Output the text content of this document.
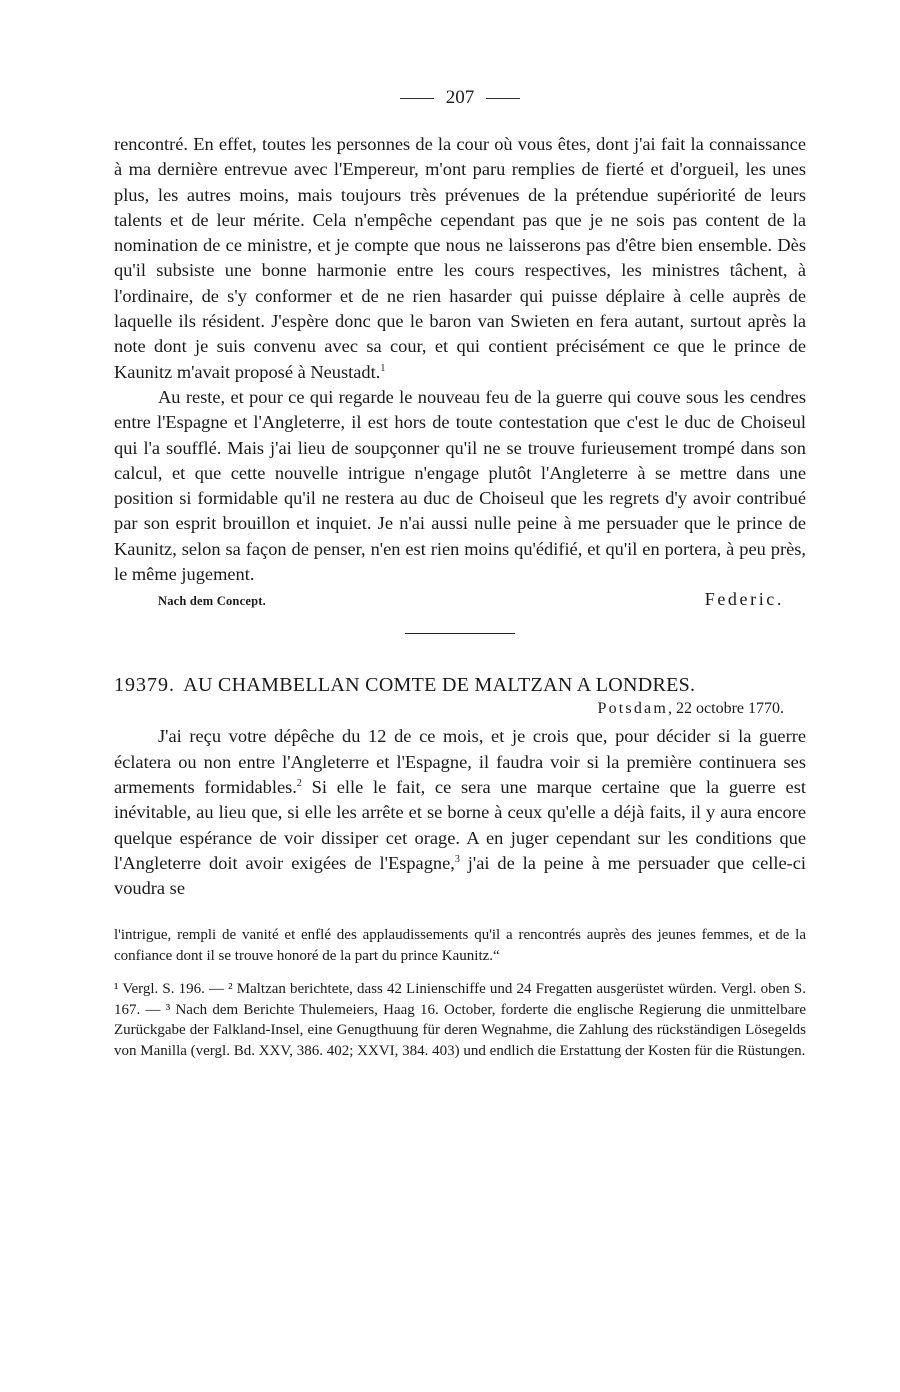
207

rencontré. En effet, toutes les personnes de la cour où vous êtes, dont j'ai fait la connaissance à ma dernière entrevue avec l'Empereur, m'ont paru remplies de fierté et d'orgueil, les unes plus, les autres moins, mais toujours très prévenues de la prétendue supériorité de leurs talents et de leur mérite. Cela n'empêche cependant pas que je ne sois pas content de la nomination de ce ministre, et je compte que nous ne laisserons pas d'être bien ensemble. Dès qu'il subsiste une bonne harmonie entre les cours respectives, les ministres tâchent, à l'ordinaire, de s'y conformer et de ne rien hasarder qui puisse déplaire à celle auprès de laquelle ils résident. J'espère donc que le baron van Swieten en fera autant, surtout après la note dont je suis convenu avec sa cour, et qui contient précisément ce que le prince de Kaunitz m'avait proposé à Neustadt.$^1$

Au reste, et pour ce qui regarde le nouveau feu de la guerre qui couve sous les cendres entre l'Espagne et l'Angleterre, il est hors de toute contestation que c'est le duc de Choiseul qui l'a soufflé. Mais j'ai lieu de soupçonner qu'il ne se trouve furieusement trompé dans son calcul, et que cette nouvelle intrigue n'engage plutôt l'Angleterre à se mettre dans une position si formidable qu'il ne restera au duc de Choiseul que les regrets d'y avoir contribué par son esprit brouillon et inquiet. Je n'ai aussi nulle peine à me persuader que le prince de Kaunitz, selon sa façon de penser, n'en est rien moins qu'édifié, et qu'il en portera, à peu près, le même jugement.

Nach dem Concept.	Federic.
19379. AU CHAMBELLAN COMTE DE MALTZAN A LONDRES.
Potsdam, 22 octobre 1770.

J'ai reçu votre dépêche du 12 de ce mois, et je crois que, pour décider si la guerre éclatera ou non entre l'Angleterre et l'Espagne, il faudra voir si la première continuera ses armements formidables.$^2$ Si elle le fait, ce sera une marque certaine que la guerre est inévitable, au lieu que, si elle les arrête et se borne à ceux qu'elle a déjà faits, il y aura encore quelque espérance de voir dissiper cet orage. A en juger cependant sur les conditions que l'Angleterre doit avoir exigées de l'Espagne,$^3$ j'ai de la peine à me persuader que celle-ci voudra se

l'intrigue, rempli de vanité et enflé des applaudissements qu'il a rencontrés auprès des jeunes femmes, et de la confiance dont il se trouve honoré de la part du prince Kaunitz.“

¹ Vergl. S. 196. — ² Maltzan berichtete, dass 42 Linienschiffe und 24 Fregatten ausgerüstet würden. Vergl. oben S. 167. — ³ Nach dem Berichte Thulemeiers, Haag 16. October, forderte die englische Regierung die unmittelbare Zurückgabe der Falkland-Insel, eine Genugthuung für deren Wegnahme, die Zahlung des rückständigen Lösegelds von Manilla (vergl. Bd. XXV, 386. 402; XXVI, 384. 403) und endlich die Erstattung der Kosten für die Rüstungen.
